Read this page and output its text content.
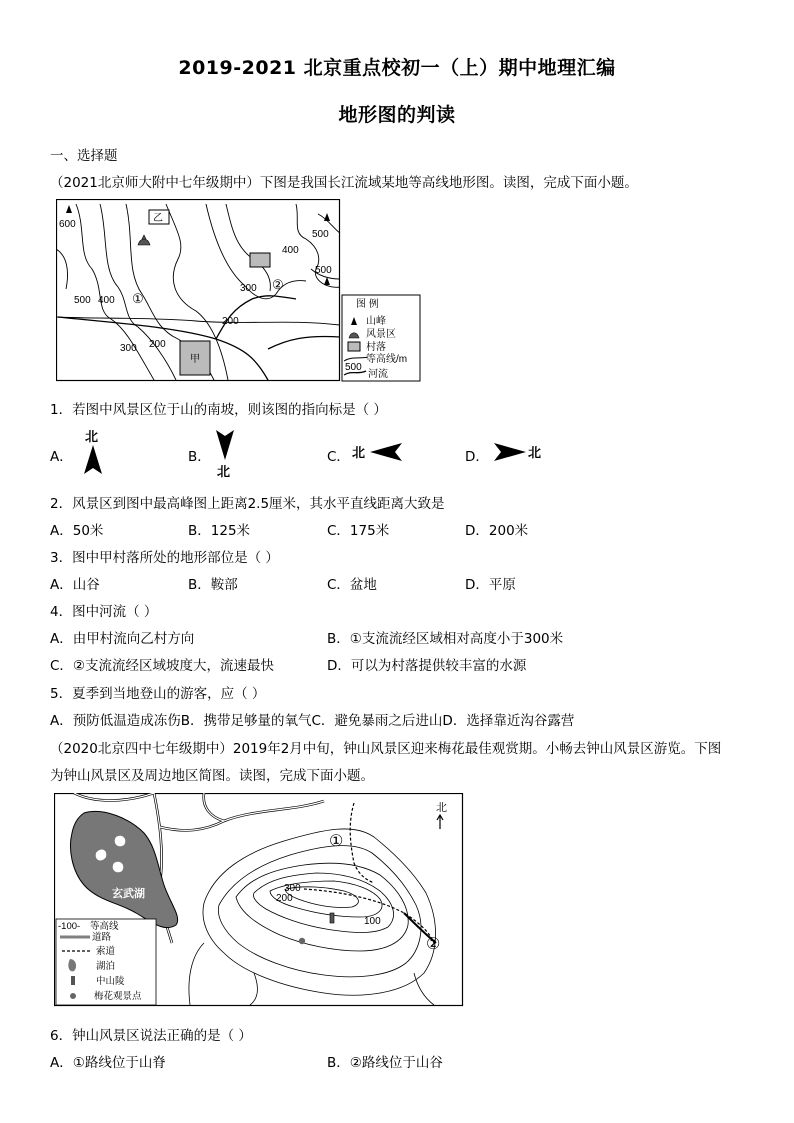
2019-2021 北京重点校初一（上）期中地理汇编
地形图的判读
一、选择题
（2021北京师大附中七年级期中）下图是我国长江流域某地等高线地形图。读图，完成下面小题。
600
500
400
500
300
500 400
200
300 200
①
②
甲
乙
图 例
山峰
风景区
村落
等高线/m
500
河流
1．若图中风景区位于山的南坡，则该图的指向标是（ ）
A．	B．	C．	D．
北
北
北	北
2．风景区到图中最高峰图上距离2.5厘米，其水平直线距离大致是
A．50米	B．125米	C．175米	D．200米
3．图中甲村落所处的地形部位是（ ）
A．山谷	B．鞍部	C．盆地	D．平原
4．图中河流（ ）
A．由甲村流向乙村方向	B．①支流流经区域相对高度小于300米
C．②支流流经区域坡度大，流速最快	D．可以为村落提供较丰富的水源
5．夏季到当地登山的游客，应（ ）
A．预防低温造成冻伤B．携带足够量的氧气C．避免暴雨之后进山D．选择靠近沟谷露营
（2020北京四中七年级期中）2019年2月中旬，钟山风景区迎来梅花最佳观赏期。小畅去钟山风景区游览。下图
为钟山风景区及周边地区简图。读图，完成下面小题。
玄武湖	300
200
100
①
②
北
-100- 等高线
道路
索道
湖泊
中山陵
梅花观景点
6．钟山风景区说法正确的是（ ）
A．①路线位于山脊	B．②路线位于山谷
